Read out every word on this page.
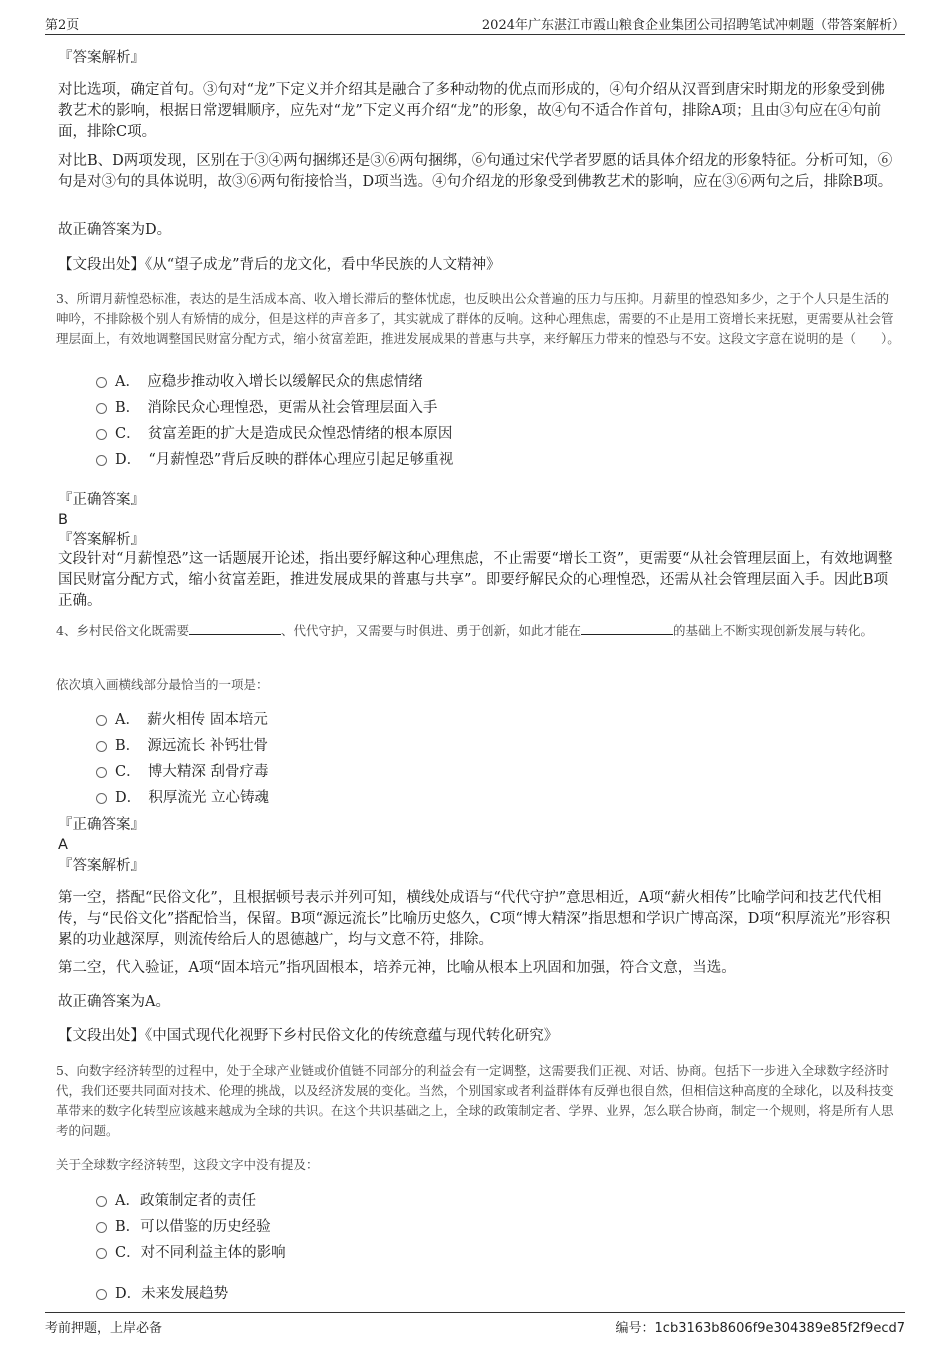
第2页	2024年广东湛江市霞山粮食企业集团公司招聘笔试冲刺题（带答案解析）
『答案解析』
对比选项，确定首句。③句对“龙”下定义并介绍其是融合了多种动物的优点而形成的，④句介绍从汉晋到唐宋时期龙的形象受到佛教艺术的影响，根据日常逻辑顺序，应先对“龙”下定义再介绍“龙”的形象，故④句不适合作首句，排除A项；且由③句应在④句前面，排除C项。
对比B、D两项发现，区别在于③④两句捆绑还是③⑥两句捆绑，⑥句通过宋代学者罗愿的话具体介绍龙的形象特征。分析可知，⑥句是对③句的具体说明，故③⑥两句衔接恰当，D项当选。④句介绍龙的形象受到佛教艺术的影响，应在③⑥两句之后，排除B项。
故正确答案为D。
【文段出处】《从“望子成龙”背后的龙文化，看中华民族的人文精神》
3、所谓月薪惶恐标准，表达的是生活成本高、收入增长滞后的整体忧虑，也反映出公众普遍的压力与压抑。月薪里的惶恐知多少，之于个人只是生活的呻吟，不排除极个别人有矫情的成分，但是这样的声音多了，其实就成了群体的反响。这种心理焦虑，需要的不止是用工资增长来抚慰，更需要从社会管理层面上，有效地调整国民财富分配方式，缩小贫富差距，推进发展成果的普惠与共享，来纾解压力带来的惶恐与不安。这段文字意在说明的是（　　）。
A．　应稳步推动收入增长以缓解民众的焦虑情绪
B．　消除民众心理惶恐，更需从社会管理层面入手
C．　贫富差距的扩大是造成民众惶恐情绪的根本原因
D．　“月薪惶恐”背后反映的群体心理应引起足够重视
『正确答案』
B
『答案解析』
文段针对“月薪惶恐”这一话题展开论述，指出要纾解这种心理焦虑，不止需要“增长工资”，更需要“从社会管理层面上，有效地调整国民财富分配方式，缩小贫富差距，推进发展成果的普惠与共享”。即要纾解民众的心理惶恐，还需从社会管理层面入手。因此B项正确。
4、乡村民俗文化既需要	、代代守护，又需要与时俱进、勇于创新，如此才能在	的基础上不断实现创新发展与转化。
依次填入画横线部分最恰当的一项是：
A．　薪火相传 固本培元
B．　源远流长 补钙壮骨
C．　博大精深 刮骨疗毒
D．　积厚流光 立心铸魂
『正确答案』
A
『答案解析』
第一空，搭配“民俗文化”，且根据顿号表示并列可知，横线处成语与“代代守护”意思相近，A项“薪火相传”比喻学问和技艺代代相传，与“民俗文化”搭配恰当，保留。B项“源远流长”比喻历史悠久，C项“博大精深”指思想和学识广博高深，D项“积厚流光”形容积累的功业越深厚，则流传给后人的恩德越广，均与文意不符，排除。
第二空，代入验证，A项“固本培元”指巩固根本，培养元神，比喻从根本上巩固和加强，符合文意，当选。
故正确答案为A。
【文段出处】《中国式现代化视野下乡村民俗文化的传统意蕴与现代转化研究》
5、向数字经济转型的过程中，处于全球产业链或价值链不同部分的利益会有一定调整，这需要我们正视、对话、协商。包括下一步进入全球数字经济时代，我们还要共同面对技术、伦理的挑战，以及经济发展的变化。当然，个别国家或者利益群体有反弹也很自然，但相信这种高度的全球化，以及科技变革带来的数字化转型应该越来越成为全球的共识。在这个共识基础之上，全球的政策制定者、学界、业界，怎么联合协商，制定一个规则，将是所有人思考的问题。
关于全球数字经济转型，这段文字中没有提及：
A．政策制定者的责任
B．可以借鉴的历史经验
C．对不同利益主体的影响
D．未来发展趋势
考前押题，上岸必备	编号：1cb3163b8606f9e304389e85f2f9ecd7
